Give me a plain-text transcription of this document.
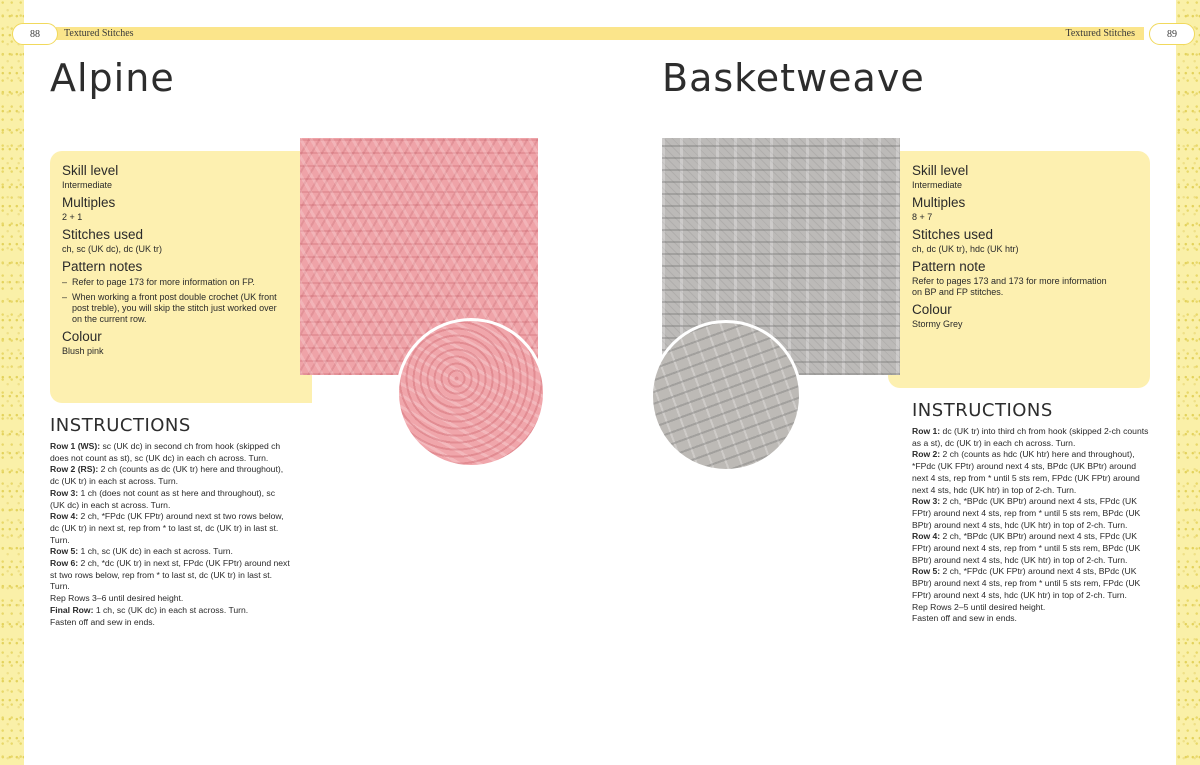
88	89
Textured Stitches	Textured Stitches
Alpine
Skill level
Intermediate
Multiples
2 + 1
Stitches used
ch, sc (UK dc), dc (UK tr)
Pattern notes
– Refer to page 173 for more information on FP.
– When working a front post double crochet (UK front post treble), you will skip the stitch just worked over on the current row.
Colour
Blush pink
INSTRUCTIONS

Row 1 (WS): sc (UK dc) in second ch from hook (skipped ch does not count as st), sc (UK dc) in each ch across. Turn.

Row 2 (RS): 2 ch (counts as dc (UK tr) here and throughout), dc (UK tr) in each st across. Turn.

Row 3: 1 ch (does not count as st here and throughout), sc (UK dc) in each st across. Turn.

Row 4: 2 ch, *FPdc (UK FPtr) around next st two rows below, dc (UK tr) in next st, rep from * to last st, dc (UK tr) in last st. Turn.

Row 5: 1 ch, sc (UK dc) in each st across. Turn.

Row 6: 2 ch, *dc (UK tr) in next st, FPdc (UK FPtr) around next st two rows below, rep from * to last st, dc (UK tr) in last st. Turn.

Rep Rows 3–6 until desired height.

Final Row: 1 ch, sc (UK dc) in each st across. Turn.

Fasten off and sew in ends.

Basketweave
Skill level
Intermediate
Multiples
8 + 7
Stitches used
ch, dc (UK tr), hdc (UK htr)
Pattern note
Refer to pages 173 and 173 for more information on BP and FP stitches.
Colour
Stormy Grey
INSTRUCTIONS

Row 1: dc (UK tr) into third ch from hook (skipped 2-ch counts as a st), dc (UK tr) in each ch across. Turn.

Row 2: 2 ch (counts as hdc (UK htr) here and throughout), *FPdc (UK FPtr) around next 4 sts, BPdc (UK BPtr) around next 4 sts, rep from * until 5 sts rem, FPdc (UK FPtr) around next 4 sts, hdc (UK htr) in top of 2-ch. Turn.

Row 3: 2 ch, *BPdc (UK BPtr) around next 4 sts, FPdc (UK FPtr) around next 4 sts, rep from * until 5 sts rem, BPdc (UK BPtr) around next 4 sts, hdc (UK htr) in top of 2-ch. Turn.

Row 4: 2 ch, *BPdc (UK BPtr) around next 4 sts, FPdc (UK FPtr) around next 4 sts, rep from * until 5 sts rem, BPdc (UK BPtr) around next 4 sts, hdc (UK htr) in top of 2-ch. Turn.

Row 5: 2 ch, *FPdc (UK FPtr) around next 4 sts, BPdc (UK BPtr) around next 4 sts, rep from * until 5 sts rem, FPdc (UK FPtr) around next 4 sts, hdc (UK htr) in top of 2-ch. Turn.

Rep Rows 2–5 until desired height.

Fasten off and sew in ends.
